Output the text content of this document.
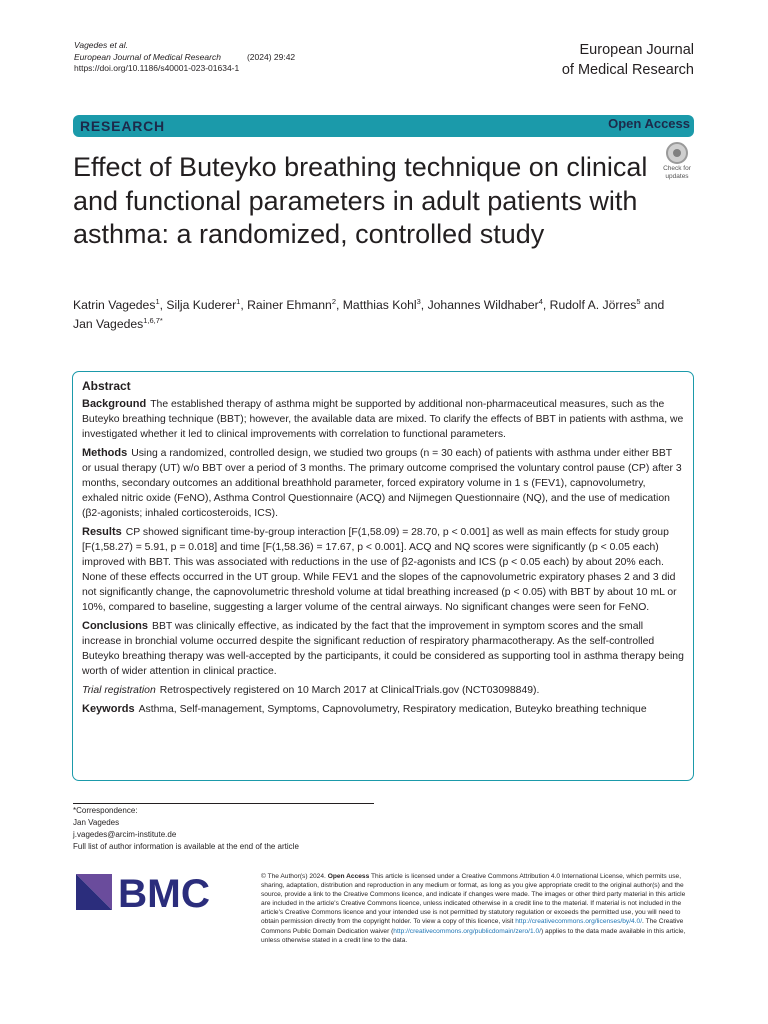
Vagedes et al.
European Journal of Medical Research	(2024) 29:42
https://doi.org/10.1186/s40001-023-01634-1
European Journal
of Medical Research
RESEARCH	Open Access
Effect of Buteyko breathing technique on clinical and functional parameters in adult patients with asthma: a randomized, controlled study
Check for
updates
Katrin Vagedes$^1$, Silja Kuderer$^1$, Rainer Ehmann$^2$, Matthias Kohl$^3$, Johannes Wildhaber$^4$, Rudolf A. Jörres$^5$ and
Jan Vagedes$^{1,6,7*}$
Abstract

Background The established therapy of asthma might be supported by additional non-pharmaceutical measures, such as the Buteyko breathing technique (BBT); however, the available data are mixed. To clarify the effects of BBT in patients with asthma, we investigated whether it led to clinical improvements with correlation to functional parameters.

Methods Using a randomized, controlled design, we studied two groups (n = 30 each) of patients with asthma under either BBT or usual therapy (UT) w/o BBT over a period of 3 months. The primary outcome comprised the voluntary control pause (CP) after 3 months, secondary outcomes an additional breathhold parameter, forced expiratory volume in 1 s (FEV1), capnovolumetry, exhaled nitric oxide (FeNO), Asthma Control Questionnaire (ACQ) and Nijmegen Questionnaire (NQ), and the use of medication (β2-agonists; inhaled corticosteroids, ICS).

Results CP showed significant time-by-group interaction [F(1,58.09) = 28.70, p < 0.001] as well as main effects for study group [F(1,58.27) = 5.91, p = 0.018] and time [F(1,58.36) = 17.67, p < 0.001]. ACQ and NQ scores were significantly (p < 0.05 each) improved with BBT. This was associated with reductions in the use of β2-agonists and ICS (p < 0.05 each) by about 20% each. None of these effects occurred in the UT group. While FEV1 and the slopes of the capnovolumetric expiratory phases 2 and 3 did not significantly change, the capnovolumetric threshold volume at tidal breathing increased (p < 0.05) with BBT by about 10 mL or 10%, compared to baseline, suggesting a larger volume of the central airways. No significant changes were seen for FeNO.

Conclusions BBT was clinically effective, as indicated by the fact that the improvement in symptom scores and the small increase in bronchial volume occurred despite the significant reduction of respiratory pharmacotherapy. As the self-controlled Buteyko breathing therapy was well-accepted by the participants, it could be considered as supporting tool in asthma therapy being worth of wider attention in clinical practice.

Trial registration Retrospectively registered on 10 March 2017 at ClinicalTrials.gov (NCT03098849).

Keywords Asthma, Self-management, Symptoms, Capnovolumetry, Respiratory medication, Buteyko breathing technique

*Correspondence:
Jan Vagedes
j.vagedes@arcim-institute.de
Full list of author information is available at the end of the article
BMC	© The Author(s) 2024. Open Access This article is licensed under a Creative Commons Attribution 4.0 International License, which permits use, sharing, adaptation, distribution and reproduction in any medium or format, as long as you give appropriate credit to the original author(s) and the source, provide a link to the Creative Commons licence, and indicate if changes were made. The images or other third party material in this article are included in the article's Creative Commons licence, unless indicated otherwise in a credit line to the material. If material is not included in the article's Creative Commons licence and your intended use is not permitted by statutory regulation or exceeds the permitted use, you will need to obtain permission directly from the copyright holder. To view a copy of this licence, visit http://creativecommons.org/licenses/by/4.0/. The Creative Commons Public Domain Dedication waiver (http://creativecommons.org/publicdomain/zero/1.0/) applies to the data made available in this article, unless otherwise stated in a credit line to the data.
